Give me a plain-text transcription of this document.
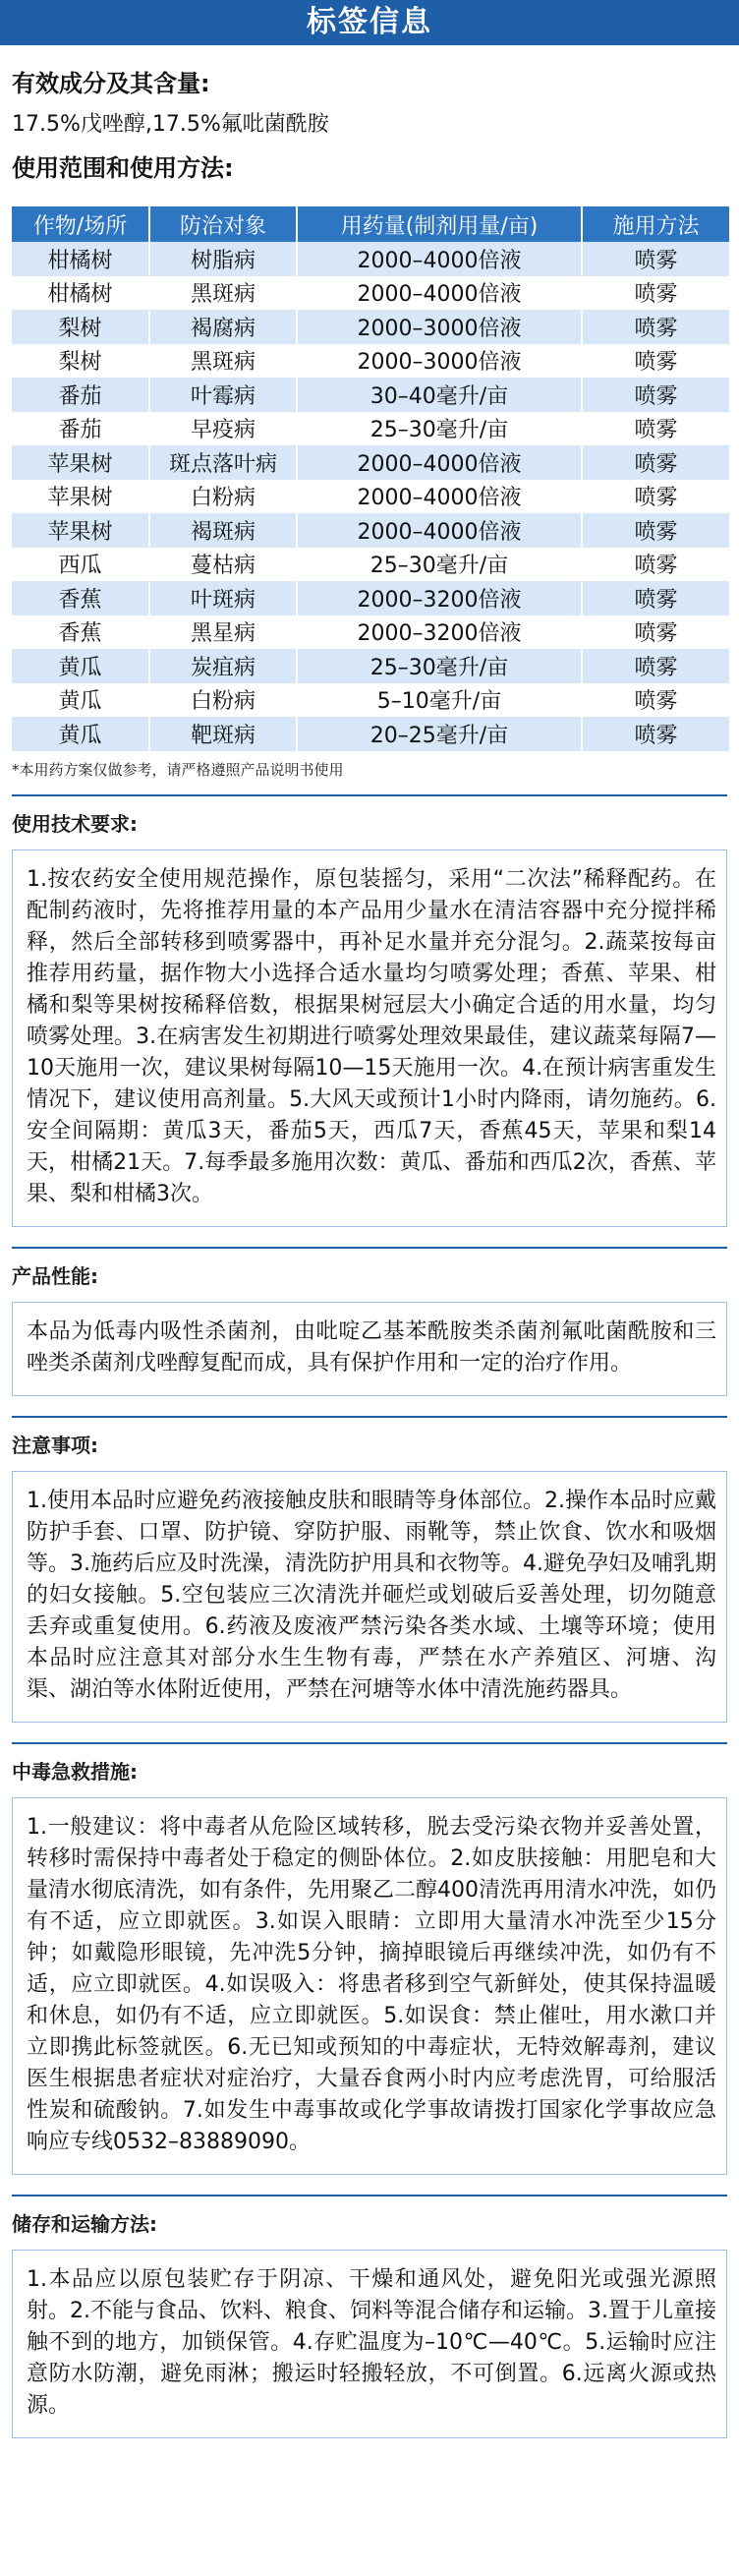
标签信息
有效成分及其含量:
17.5%戊唑醇,17.5%氟吡菌酰胺
使用范围和使用方法:
作物/场所	防治对象	用药量(制剂用量/亩)	施用方法
柑橘树	树脂病	2000–4000倍液	喷雾
柑橘树	黑斑病	2000–4000倍液	喷雾
梨树	褐腐病	2000–3000倍液	喷雾
梨树	黑斑病	2000–3000倍液	喷雾
番茄	叶霉病	30–40毫升/亩	喷雾
番茄	早疫病	25–30毫升/亩	喷雾
苹果树	斑点落叶病	2000–4000倍液	喷雾
苹果树	白粉病	2000–4000倍液	喷雾
苹果树	褐斑病	2000–4000倍液	喷雾
西瓜	蔓枯病	25–30毫升/亩	喷雾
香蕉	叶斑病	2000–3200倍液	喷雾
香蕉	黑星病	2000–3200倍液	喷雾
黄瓜	炭疽病	25–30毫升/亩	喷雾
黄瓜	白粉病	5–10毫升/亩	喷雾
黄瓜	靶斑病	20–25毫升/亩	喷雾
*本用药方案仅做参考，请严格遵照产品说明书使用
使用技术要求:
1.按农药安全使用规范操作，原包装摇匀，采用“二次法”稀释配药。在配制药液时，先将推荐用量的本产品用少量水在清洁容器中充分搅拌稀释，然后全部转移到喷雾器中，再补足水量并充分混匀。2.蔬菜按每亩推荐用药量，据作物大小选择合适水量均匀喷雾处理；香蕉、苹果、柑橘和梨等果树按稀释倍数，根据果树冠层大小确定合适的用水量，均匀喷雾处理。3.在病害发生初期进行喷雾处理效果最佳，建议蔬菜每隔7—10天施用一次，建议果树每隔10—15天施用一次。4.在预计病害重发生情况下，建议使用高剂量。5.大风天或预计1小时内降雨，请勿施药。6.安全间隔期：黄瓜3天，番茄5天，西瓜7天，香蕉45天，苹果和梨14天，柑橘21天。7.每季最多施用次数：黄瓜、番茄和西瓜2次，香蕉、苹果、梨和柑橘3次。
产品性能:
本品为低毒内吸性杀菌剂，由吡啶乙基苯酰胺类杀菌剂氟吡菌酰胺和三唑类杀菌剂戊唑醇复配而成，具有保护作用和一定的治疗作用。
注意事项:
1.使用本品时应避免药液接触皮肤和眼睛等身体部位。2.操作本品时应戴防护手套、口罩、防护镜、穿防护服、雨靴等，禁止饮食、饮水和吸烟等。3.施药后应及时洗澡，清洗防护用具和衣物等。4.避免孕妇及哺乳期的妇女接触。5.空包装应三次清洗并砸烂或划破后妥善处理，切勿随意丢弃或重复使用。6.药液及废液严禁污染各类水域、土壤等环境；使用本品时应注意其对部分水生生物有毒，严禁在水产养殖区、河塘、沟渠、湖泊等水体附近使用，严禁在河塘等水体中清洗施药器具。
中毒急救措施:
1.一般建议：将中毒者从危险区域转移，脱去受污染衣物并妥善处置，转移时需保持中毒者处于稳定的侧卧体位。2.如皮肤接触：用肥皂和大量清水彻底清洗，如有条件，先用聚乙二醇400清洗再用清水冲洗，如仍有不适，应立即就医。3.如误入眼睛：立即用大量清水冲洗至少15分钟；如戴隐形眼镜，先冲洗5分钟，摘掉眼镜后再继续冲洗，如仍有不适，应立即就医。4.如误吸入：将患者移到空气新鲜处，使其保持温暖和休息，如仍有不适，应立即就医。5.如误食：禁止催吐，用水漱口并立即携此标签就医。6.无已知或预知的中毒症状，无特效解毒剂，建议医生根据患者症状对症治疗，大量吞食两小时内应考虑洗胃，可给服活性炭和硫酸钠。7.如发生中毒事故或化学事故请拨打国家化学事故应急响应专线0532–83889090。
储存和运输方法:
1.本品应以原包装贮存于阴凉、干燥和通风处，避免阳光或强光源照射。2.不能与食品、饮料、粮食、饲料等混合储存和运输。3.置于儿童接触不到的地方，加锁保管。4.存贮温度为–10℃—40℃。5.运输时应注意防水防潮，避免雨淋；搬运时轻搬轻放，不可倒置。6.远离火源或热源。
